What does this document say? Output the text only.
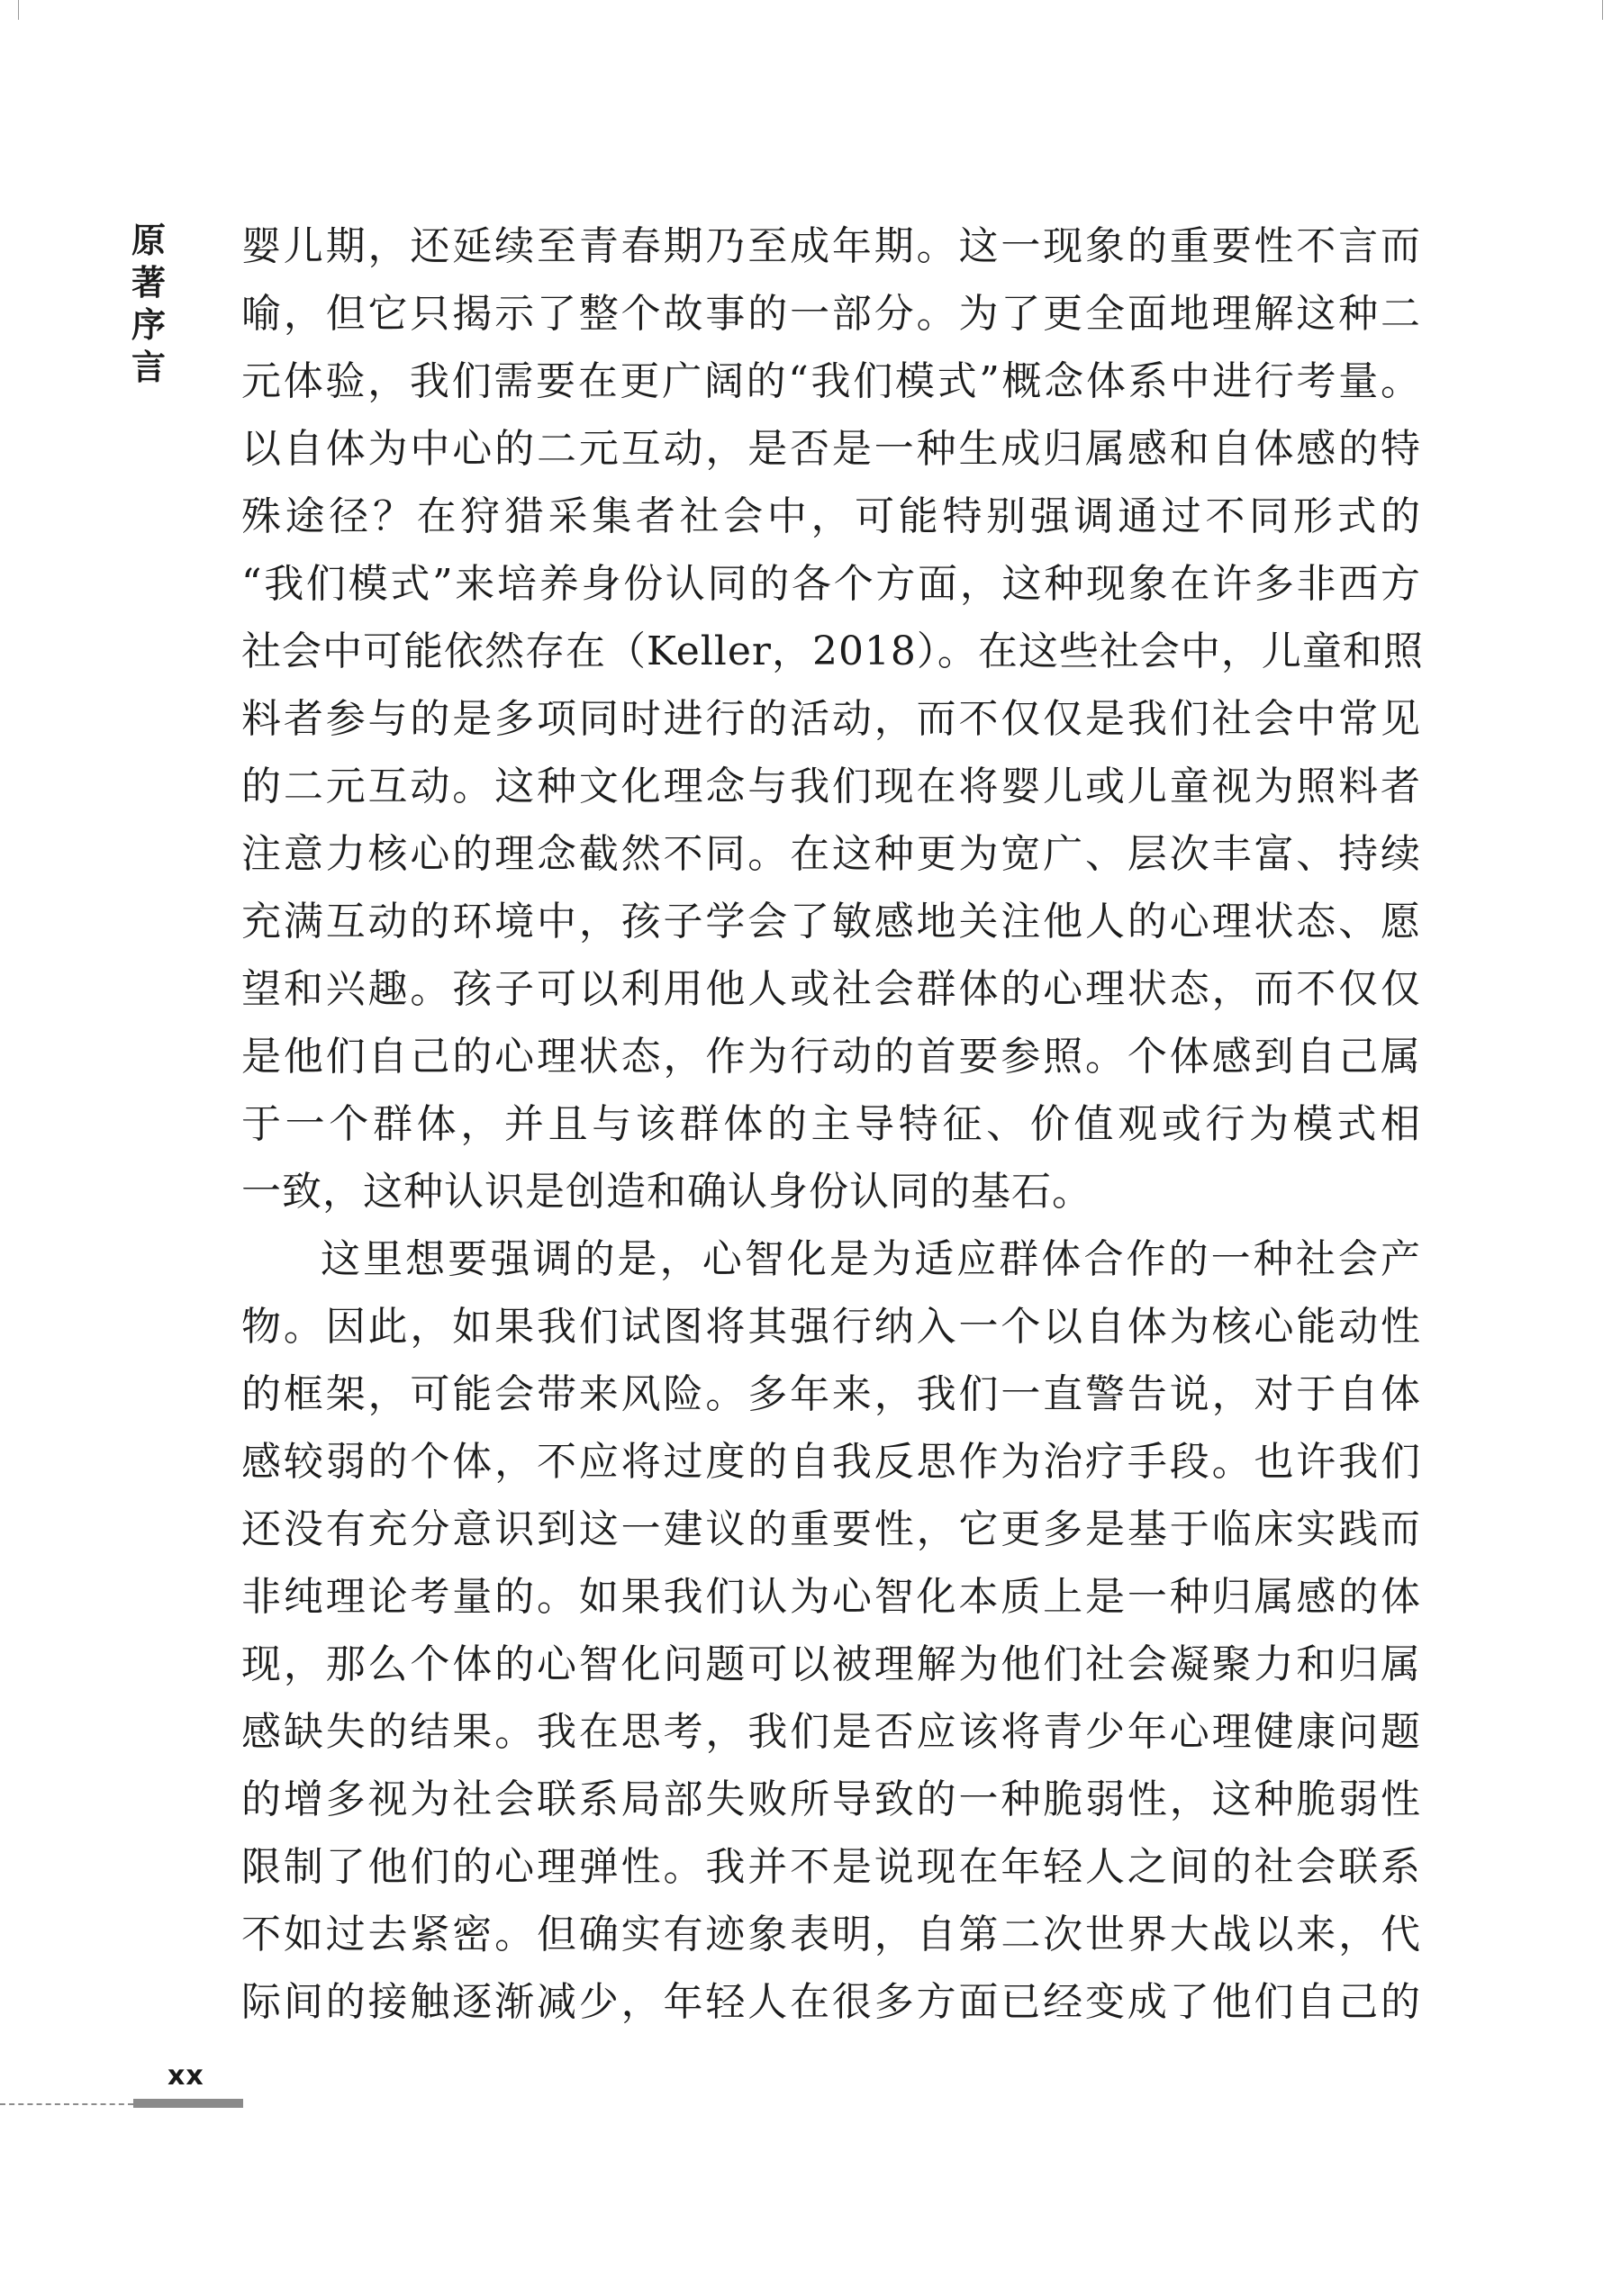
原
著
序
言
婴儿期，还延续至青春期乃至成年期。这一现象的重要性不言而
喻，但它只揭示了整个故事的一部分。为了更全面地理解这种二
元体验，我们需要在更广阔的“我们模式”概念体系中进行考量。
以自体为中心的二元互动，是否是一种生成归属感和自体感的特
殊途径？在狩猎采集者社会中，可能特别强调通过不同形式的
“我们模式”来培养身份认同的各个方面，这种现象在许多非西方
社会中可能依然存在（Keller，2018）。在这些社会中，儿童和照
料者参与的是多项同时进行的活动，而不仅仅是我们社会中常见
的二元互动。这种文化理念与我们现在将婴儿或儿童视为照料者
注意力核心的理念截然不同。在这种更为宽广、层次丰富、持续
充满互动的环境中，孩子学会了敏感地关注他人的心理状态、愿
望和兴趣。孩子可以利用他人或社会群体的心理状态，而不仅仅
是他们自己的心理状态，作为行动的首要参照。个体感到自己属
于一个群体，并且与该群体的主导特征、价值观或行为模式相
一致，这种认识是创造和确认身份认同的基石。
这里想要强调的是，心智化是为适应群体合作的一种社会产
物。因此，如果我们试图将其强行纳入一个以自体为核心能动性
的框架，可能会带来风险。多年来，我们一直警告说，对于自体
感较弱的个体，不应将过度的自我反思作为治疗手段。也许我们
还没有充分意识到这一建议的重要性，它更多是基于临床实践而
非纯理论考量的。如果我们认为心智化本质上是一种归属感的体
现，那么个体的心智化问题可以被理解为他们社会凝聚力和归属
感缺失的结果。我在思考，我们是否应该将青少年心理健康问题
的增多视为社会联系局部失败所导致的一种脆弱性，这种脆弱性
限制了他们的心理弹性。我并不是说现在年轻人之间的社会联系
不如过去紧密。但确实有迹象表明，自第二次世界大战以来，代
际间的接触逐渐减少，年轻人在很多方面已经变成了他们自己的
xx
